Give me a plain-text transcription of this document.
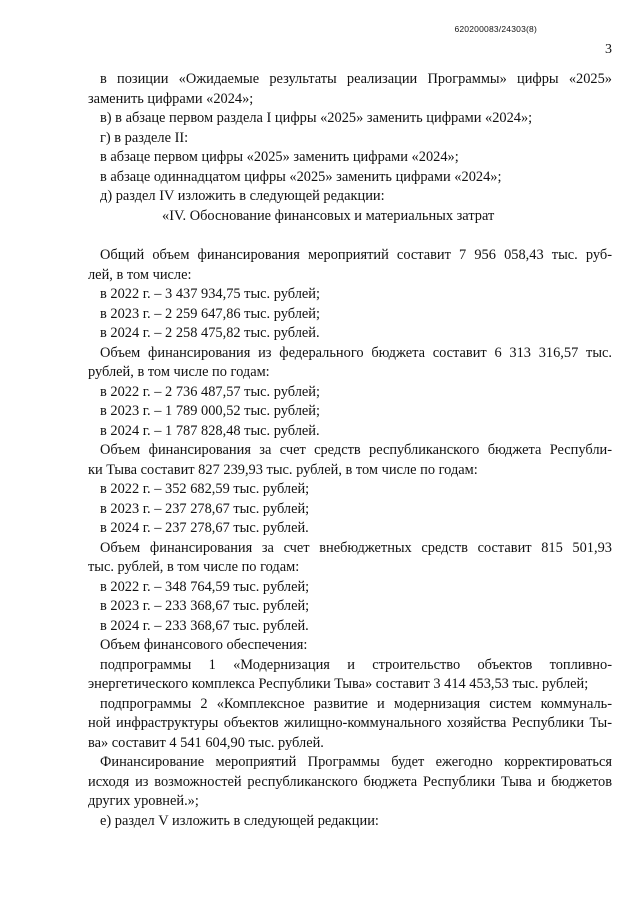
620200083/24303(8)
3
в позиции «Ожидаемые результаты реализации Программы» цифры «2025»
заменить цифрами «2024»;
в) в абзаце первом раздела I цифры «2025» заменить цифрами «2024»;
г) в разделе II:
в абзаце первом цифры «2025» заменить цифрами «2024»;
в абзаце одиннадцатом цифры «2025» заменить цифрами «2024»;
д) раздел IV изложить в следующей редакции:
«IV. Обоснование финансовых и материальных затрат
Общий объем финансирования мероприятий составит 7 956 058,43 тыс. руб-
лей, в том числе:
в 2022 г. – 3 437 934,75 тыс. рублей;
в 2023 г. – 2 259 647,86 тыс. рублей;
в 2024 г. – 2 258 475,82 тыс. рублей.
Объем финансирования из федерального бюджета составит 6 313 316,57 тыс.
рублей, в том числе по годам:
в 2022 г. – 2 736 487,57 тыс. рублей;
в 2023 г. – 1 789 000,52 тыс. рублей;
в 2024 г. – 1 787 828,48 тыс. рублей.
Объем финансирования за счет средств республиканского бюджета Республи-
ки Тыва составит 827 239,93 тыс. рублей, в том числе по годам:
в 2022 г. – 352 682,59 тыс. рублей;
в 2023 г. – 237 278,67 тыс. рублей;
в 2024 г. – 237 278,67 тыс. рублей.
Объем финансирования за счет внебюджетных средств составит 815 501,93
тыс. рублей, в том числе по годам:
в 2022 г. – 348 764,59 тыс. рублей;
в 2023 г. – 233 368,67 тыс. рублей;
в 2024 г. – 233 368,67 тыс. рублей.
Объем финансового обеспечения:
подпрограммы 1 «Модернизация и строительство объектов топливно-
энергетического комплекса Республики Тыва» составит 3 414 453,53 тыс. рублей;
подпрограммы 2 «Комплексное развитие и модернизация систем коммуналь-
ной инфраструктуры объектов жилищно-коммунального хозяйства Республики Ты-
ва» составит 4 541 604,90 тыс. рублей.
Финансирование мероприятий Программы будет ежегодно корректироваться
исходя из возможностей республиканского бюджета Республики Тыва и бюджетов
других уровней.»;
е) раздел V изложить в следующей редакции:
